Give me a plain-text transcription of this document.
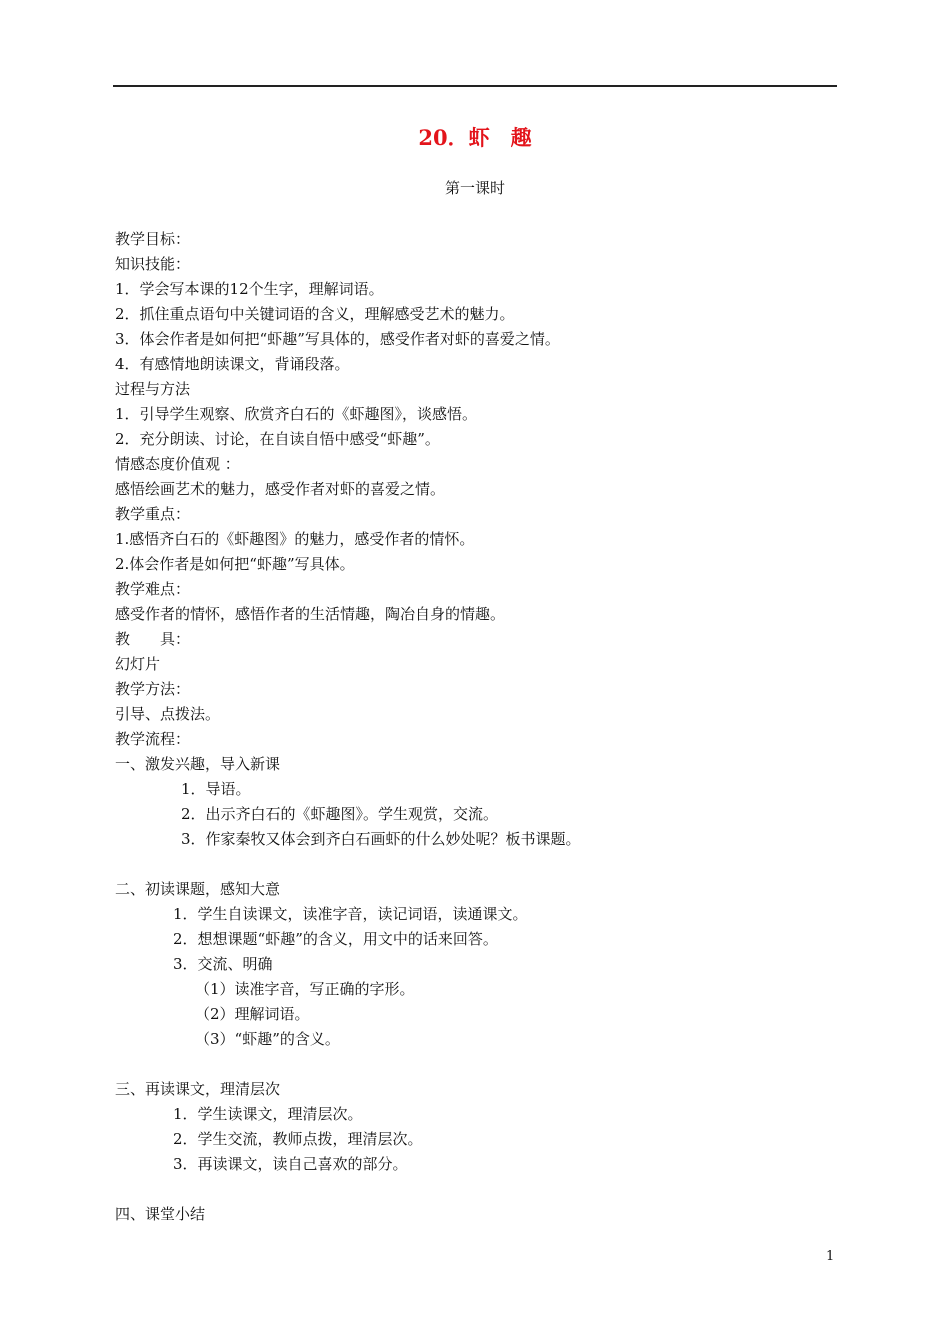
20．虾　趣
第一课时
教学目标：
知识技能：
1．学会写本课的12个生字，理解词语。
2．抓住重点语句中关键词语的含义，理解感受艺术的魅力。
3．体会作者是如何把“虾趣”写具体的，感受作者对虾的喜爱之情。
4．有感情地朗读课文，背诵段落。
过程与方法
1．引导学生观察、欣赏齐白石的《虾趣图》，谈感悟。
2．充分朗读、讨论，在自读自悟中感受“虾趣”。
情感态度价值观 ：
感悟绘画艺术的魅力，感受作者对虾的喜爱之情。
教学重点：
1.感悟齐白石的《虾趣图》的魅力，感受作者的情怀。
2.体会作者是如何把“虾趣”写具体。
教学难点：
感受作者的情怀，感悟作者的生活情趣，陶冶自身的情趣。
教　　具：
幻灯片
教学方法：
引导、点拨法。
教学流程：
一、激发兴趣，导入新课
1．导语。
2．出示齐白石的《虾趣图》。学生观赏，交流。
3．作家秦牧又体会到齐白石画虾的什么妙处呢？板书课题。
二、初读课题，感知大意
1．学生自读课文，读准字音，读记词语，读通课文。
2．想想课题“虾趣”的含义，用文中的话来回答。
3．交流、明确
（1）读准字音，写正确的字形。
（2）理解词语。
（3）“虾趣”的含义。
三、再读课文，理清层次
1．学生读课文，理清层次。
2．学生交流，教师点拨，理清层次。
3．再读课文，读自己喜欢的部分。
四、课堂小结
1
